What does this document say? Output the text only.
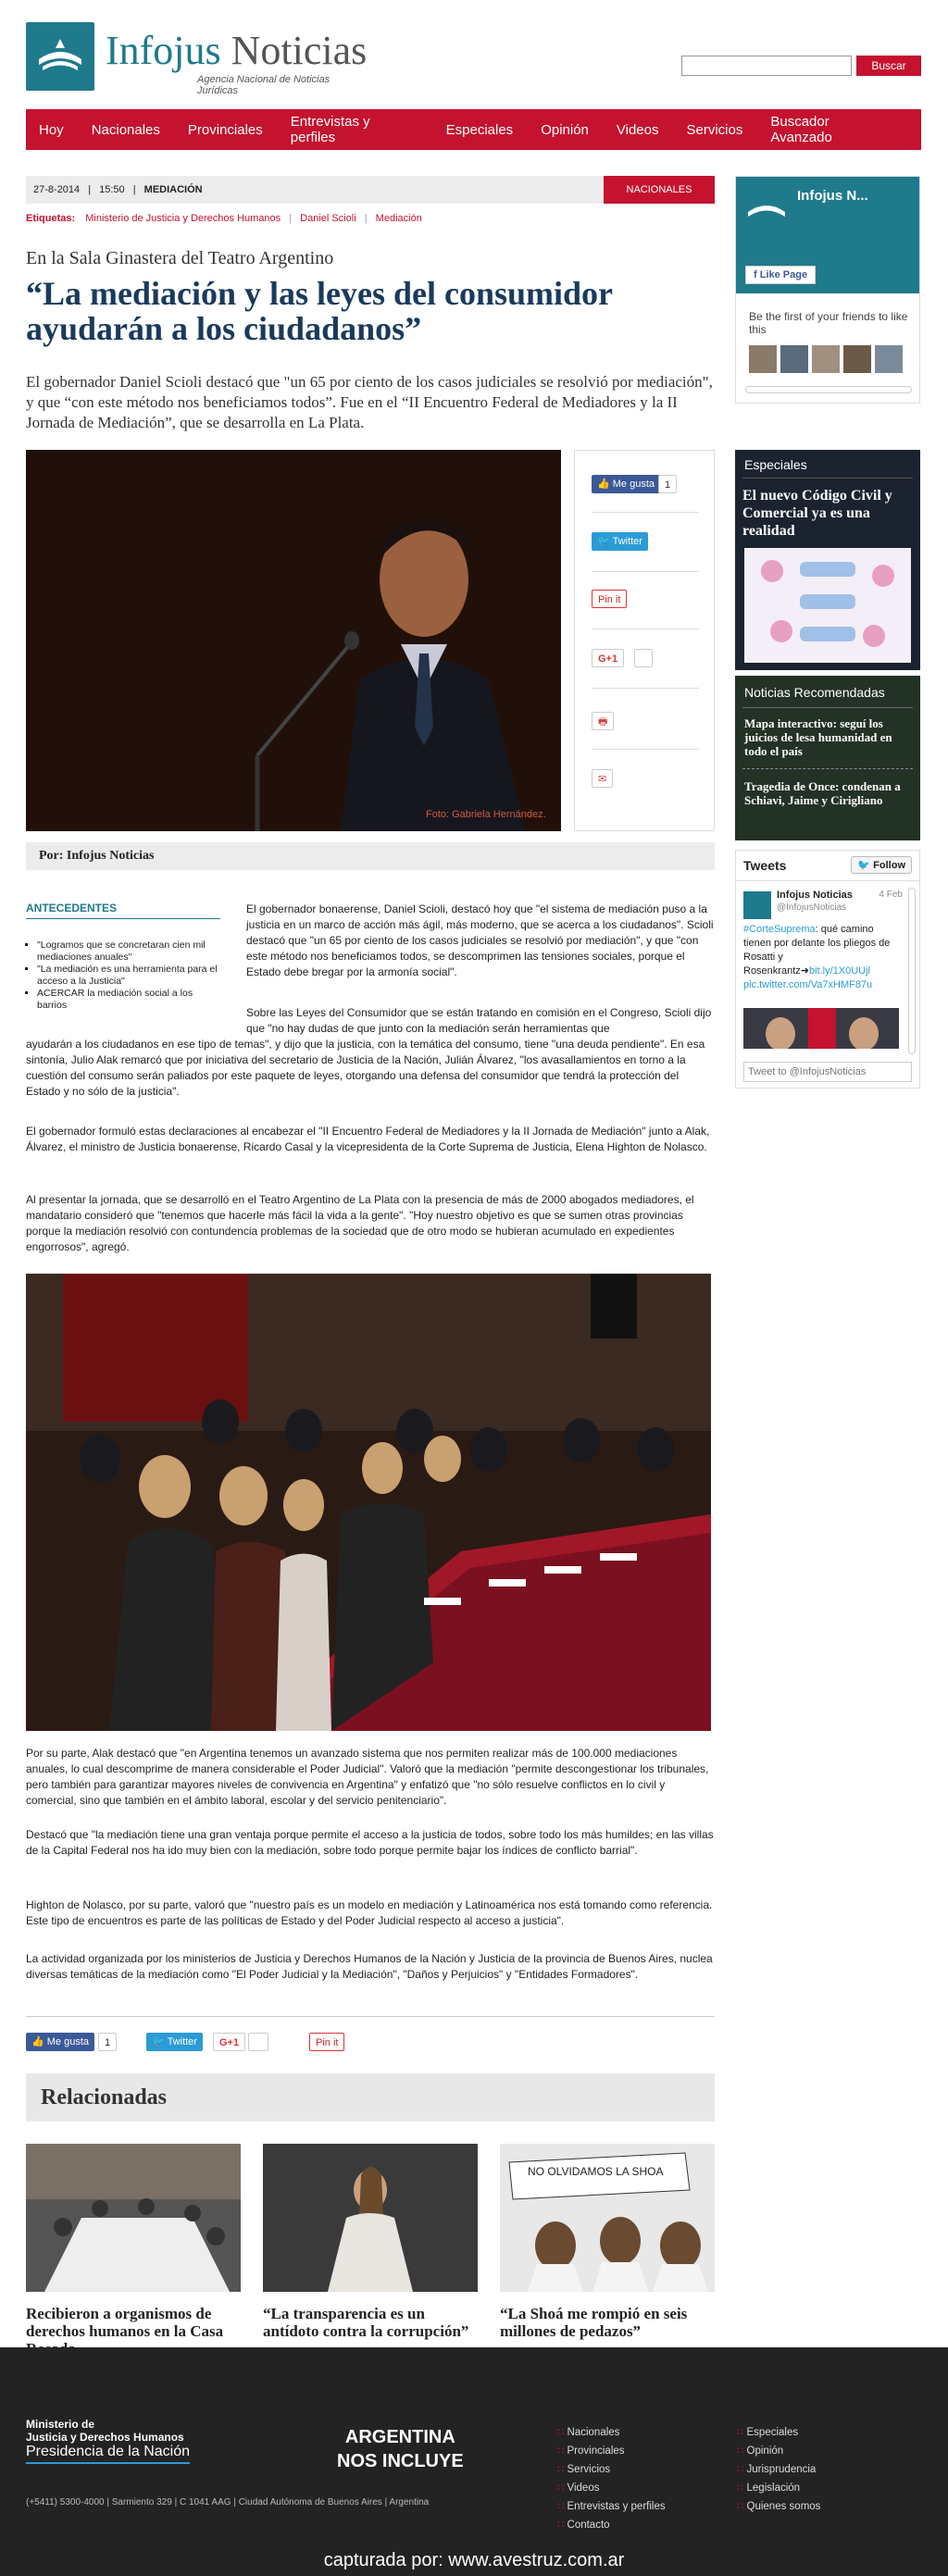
Infojus Noticias
Agencia Nacional de Noticias Jurídicas
Buscar
Hoy Nacionales Provinciales Entrevistas y perfiles	Especiales Opinión Videos Servicios Buscador Avanzado
27-8-2014 | 15:50 | MEDIACIÓN	NACIONALES
Etiquetas: Ministerio de Justicia y Derechos Humanos | Daniel Scioli | Mediación
En la Sala Ginastera del Teatro Argentino
“La mediación y las leyes del consumidor ayudarán a los ciudadanos”

El gobernador Daniel Scioli destacó que "un 65 por ciento de los casos judiciales se resolvió por mediación", y que “con este método nos beneficiamos todos”. Fue en el “II Encuentro Federal de Mediadores y la II Jornada de Mediación”, que se desarrolla en La Plata.

Foto: Gabriela Hernández.
👍 Me gusta 1
🐦 Twitter
Pin it
G+1
🖶
✉
Por: Infojus Noticias
ANTECEDENTES
▪ "Logramos que se concretaran cien mil mediaciones anuales"
▪ "La mediación es una herramienta para el acceso a la Justicia"
▪ ACERCAR la mediación social a los barrios

El gobernador bonaerense, Daniel Scioli, destacó hoy que "el sistema de mediación puso a la justicia en un marco de acción más ágil, más moderno, que se acerca a los ciudadanos". Scioli destacó que "un 65 por ciento de los casos judiciales se resolvió por mediación", y que "con este método nos beneficiamos todos, se descomprimen las tensiones sociales, porque el Estado debe bregar por la armonía social".

Sobre las Leyes del Consumidor que se están tratando en comisión en el Congreso, Scioli dijo que "no hay dudas de que junto con la mediación serán herramientas que

ayudarán a los ciudadanos en ese tipo de temas", y dijo que la justicia, con la temática del consumo, tiene "una deuda pendiente". En esa sintonía, Julio Alak remarcó que por iniciativa del secretario de Justicia de la Nación, Julián Álvarez, "los avasallamientos en torno a la cuestión del consumo serán paliados por este paquete de leyes, otorgando una defensa del consumidor que tendrá la protección del Estado y no sólo de la justicia".

El gobernador formuló estas declaraciones al encabezar el "II Encuentro Federal de Mediadores y la II Jornada de Mediación" junto a Alak, Álvarez, el ministro de Justicia bonaerense, Ricardo Casal y la vicepresidenta de la Corte Suprema de Justicia, Elena Highton de Nolasco.

Al presentar la jornada, que se desarrolló en el Teatro Argentino de La Plata con la presencia de más de 2000 abogados mediadores, el mandatario consideró que "tenemos que hacerle más fácil la vida a la gente". "Hoy nuestro objetivo es que se sumen otras provincias porque la mediación resolvió con contundencia problemas de la sociedad que de otro modo se hubieran acumulado en expedientes engorrosos", agregó.

Por su parte, Alak destacó que "en Argentina tenemos un avanzado sistema que nos permiten realizar más de 100.000 mediaciones anuales, lo cual descomprime de manera considerable el Poder Judicial". Valoró que la mediación "permite descongestionar los tribunales, pero también para garantizar mayores niveles de convivencia en Argentina" y enfatizó que "no sólo resuelve conflictos en lo civil y comercial, sino que también en el ámbito laboral, escolar y del servicio penitenciario".

Destacó que "la mediación tiene una gran ventaja porque permite el acceso a la justicia de todos, sobre todo los más humildes; en las villas de la Capital Federal nos ha ido muy bien con la mediación, sobre todo porque permite bajar los índices de conflicto barrial".

Highton de Nolasco, por su parte, valoró que "nuestro país es un modelo en mediación y Latinoamérica nos está tomando como referencia. Este tipo de encuentros es parte de las políticas de Estado y del Poder Judicial respecto al acceso a justicia".

La actividad organizada por los ministerios de Justicia y Derechos Humanos de la Nación y Justicia de la provincia de Buenos Aires, nuclea diversas temáticas de la mediación como "El Poder Judicial y la Mediación", "Daños y Perjuicios" y "Entidades Formadores".

👍 Me gusta	1	🐦 Twitter	G+1	Pin it
Relacionadas
Recibieron a organismos de derechos humanos en la Casa
“La transparencia es un antídoto contra la corrupción”
NO OLVIDAMOS LA SHOA
“La Shoá me rompió en seis millones de pedazos”
Infojus N...
f Like Page
Be the first of your friends to like this
Especiales
El nuevo Código Civil y Comercial ya es una realidad
Noticias Recomendadas
Mapa interactivo: seguí los juicios de lesa humanidad en todo el país
Tragedia de Once: condenan a Schiavi, Jaime y Cirigliano
Tweets	🐦 Follow
Infojus Noticias	4 Feb
@InfojusNoticias
#CorteSuprema: qué camino tienen por delante los pliegos de Rosatti y Rosenkrantz➜bit.ly/1X0UUjl pic.twitter.com/Va7xHMF87u
Tweet to @InfojusNoticias
Ministerio de
Justicia y Derechos Humanos
Presidencia de la Nación
ARGENTINA
NOS INCLUYE
(+5411) 5300-4000 | Sarmiento 329 | C 1041 AAG | Ciudad Autónoma de Buenos Aires | Argentina
∷ Nacionales
∷ Provinciales
∷ Servicios
∷ Videos
∷ Entrevistas y perfiles
∷ Contacto
∷ Especiales
∷ Opinión
∷ Jurisprudencia
∷ Legislación
∷ Quienes somos
capturada por: www.avestruz.com.ar
